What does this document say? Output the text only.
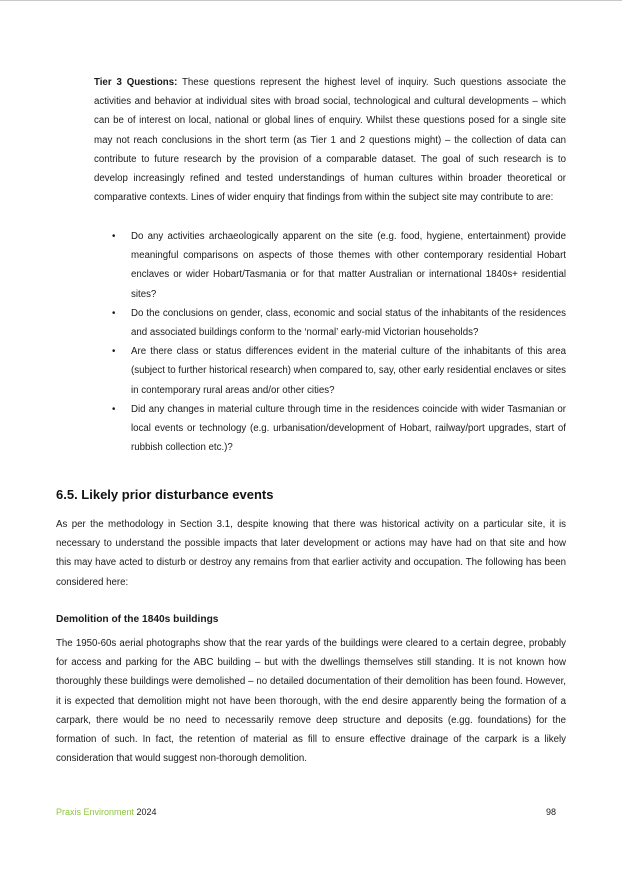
Tier 3 Questions: These questions represent the highest level of inquiry. Such questions associate the activities and behavior at individual sites with broad social, technological and cultural developments – which can be of interest on local, national or global lines of enquiry. Whilst these questions posed for a single site may not reach conclusions in the short term (as Tier 1 and 2 questions might) – the collection of data can contribute to future research by the provision of a comparable dataset. The goal of such research is to develop increasingly refined and tested understandings of human cultures within broader theoretical or comparative contexts. Lines of wider enquiry that findings from within the subject site may contribute to are:

• Do any activities archaeologically apparent on the site (e.g. food, hygiene, entertainment) provide meaningful comparisons on aspects of those themes with other contemporary residential Hobart enclaves or wider Hobart/Tasmania or for that matter Australian or international 1840s+ residential sites?
• Do the conclusions on gender, class, economic and social status of the inhabitants of the residences and associated buildings conform to the ‘normal’ early-mid Victorian households?
• Are there class or status differences evident in the material culture of the inhabitants of this area (subject to further historical research) when compared to, say, other early residential enclaves or sites in contemporary rural areas and/or other cities?
• Did any changes in material culture through time in the residences coincide with wider Tasmanian or local events or technology (e.g. urbanisation/development of Hobart, railway/port upgrades, start of rubbish collection etc.)?
6.5. Likely prior disturbance events

As per the methodology in Section 3.1, despite knowing that there was historical activity on a particular site, it is necessary to understand the possible impacts that later development or actions may have had on that site and how this may have acted to disturb or destroy any remains from that earlier activity and occupation. The following has been considered here:

Demolition of the 1840s buildings

The 1950-60s aerial photographs show that the rear yards of the buildings were cleared to a certain degree, probably for access and parking for the ABC building – but with the dwellings themselves still standing. It is not known how thoroughly these buildings were demolished – no detailed documentation of their demolition has been found. However, it is expected that demolition might not have been thorough, with the end desire apparently being the formation of a carpark, there would be no need to necessarily remove deep structure and deposits (e.gg. foundations) for the formation of such. In fact, the retention of material as fill to ensure effective drainage of the carpark is a likely consideration that would suggest non-thorough demolition.

Praxis Environment 2024	98
